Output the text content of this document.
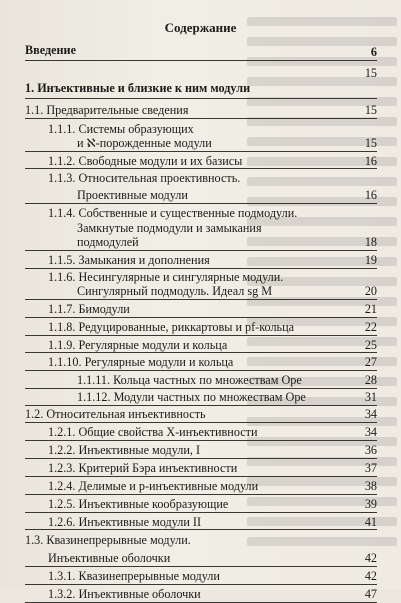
Содержание
Введение	6
15
1. Инъективные и близкие к ним модули
1.1. Предварительные сведения	15
1.1.1. Системы образующих
и ℵ-порожденные модули	15
1.1.2. Свободные модули и их базисы	16
1.1.3. Относительная проективность.
Проективные модули	16
1.1.4. Собственные и существенные подмодули.
Замкнутые подмодули и замыкания
подмодулей	18
1.1.5. Замыкания и дополнения	19
1.1.6. Несингулярные и сингулярные модули.
Сингулярный подмодуль. Идеал sg M	20
1.1.7. Бимодули	21
1.1.8. Редуцированные, риккартовы и pf-кольца	22
1.1.9. Регулярные модули и кольца	25
1.1.10. Регулярные модули и кольца	27
1.1.11. Кольца частных по множествам Оре	28
1.1.12. Модули частных по множествам Оре	31
1.2. Относительная инъективность	34
1.2.1. Общие свойства X-инъективности	34
1.2.2. Инъективные модули, I	36
1.2.3. Критерий Бэра инъективности	37
1.2.4. Делимые и p-инъективные модули	38
1.2.5. Инъективные кообразующие	39
1.2.6. Инъективные модули II	41
1.3. Квазинепрерывные модули.
Инъективные оболочки	42
1.3.1. Квазинепрерывные модули	42
1.3.2. Инъективные оболочки	47
